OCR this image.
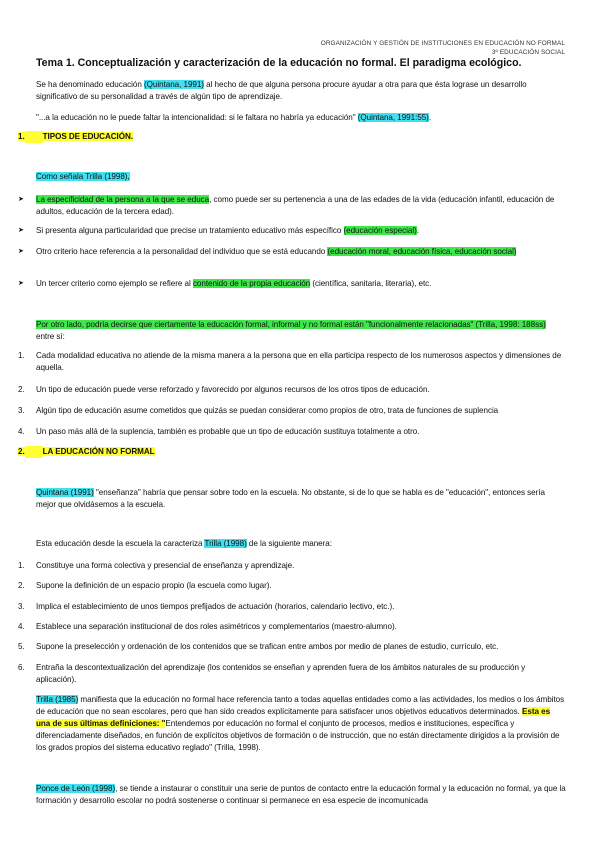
ORGANIZACIÓN Y GESTIÓN DE INSTITUCIONES EN EDUCACIÓN NO FORMAL
3º EDUCACIÓN SOCIAL
Tema 1. Conceptualización y caracterización de la educación no formal. El paradigma ecológico.
Se ha denominado educación (Quintana, 1991) al hecho de que alguna persona procure ayudar a otra para que ésta lograse un desarrollo significativo de su personalidad a través de algún tipo de aprendizaje.
"...a la educación no le puede faltar la intencionalidad: si le faltara no habría ya educación" (Quintana, 1991:55).
1. TIPOS DE EDUCACIÓN.
Como señala Trilla (1998),
➤ La especificidad de la persona a la que se educa, como puede ser su pertenencia a una de las edades de la vida (educación infantil, educación de adultos, educación de la tercera edad).
➤ Si presenta alguna particularidad que precise un tratamiento educativo más específico (educación especial).
➤ Otro criterio hace referencia a la personalidad del individuo que se está educando (educación moral, educación física, educación social)
➤ Un tercer criterio como ejemplo se refiere al contenido de la propia educación (científica, sanitaria, literaria), etc.
Por otro lado, podría decirse que ciertamente la educación formal, informal y no formal están "funcionalmente relacionadas" (Trilla, 1998: 188ss) entre sí:
1. Cada modalidad educativa no atiende de la misma manera a la persona que en ella participa respecto de los numerosos aspectos y dimensiones de aquella.
2. Un tipo de educación puede verse reforzado y favorecido por algunos recursos de los otros tipos de educación.
3. Algún tipo de educación asume cometidos que quizás se puedan considerar como propios de otro, trata de funciones de suplencia
4. Un paso más allá de la suplencia, también es probable que un tipo de educación sustituya totalmente a otro.
2. LA EDUCACIÓN NO FORMAL
Quintana (1991) "enseñanza" habría que pensar sobre todo en la escuela. No obstante, si de lo que se habla es de "educación", entonces sería mejor que olvidásemos a la escuela.
Esta educación desde la escuela la caracteriza Trilla (1998) de la siguiente manera:
1. Constituye una forma colectiva y presencial de enseñanza y aprendizaje.
2. Supone la definición de un espacio propio (la escuela como lugar).
3. Implica el establecimiento de unos tiempos prefijados de actuación (horarios, calendario lectivo, etc.).
4. Establece una separación institucional de dos roles asimétricos y complementarios (maestro-alumno).
5. Supone la preselección y ordenación de los contenidos que se trafican entre ambos por medio de planes de estudio, currículo, etc.
6. Entraña la descontextualización del aprendizaje (los contenidos se enseñan y aprenden fuera de los ámbitos naturales de su producción y aplicación).
Trilla (1985) manifiesta que la educación no formal hace referencia tanto a todas aquellas entidades como a las actividades, los medios o los ámbitos de educación que no sean escolares, pero que han sido creados explícitamente para satisfacer unos objetivos educativos determinados. Esta es una de sus últimas definiciones: "Entendemos por educación no formal el conjunto de procesos, medios e instituciones, específica y diferenciadamente diseñados, en función de explícitos objetivos de formación o de instrucción, que no están directamente dirigidos a la provisión de los grados propios del sistema educativo reglado" (Trilla, 1998).
Ponce de León (1998), se tiende a instaurar o constituir una serie de puntos de contacto entre la educación formal y la educación no formal, ya que la formación y desarrollo escolar no podrá sostenerse o continuar si permanece en esa especie de incomunicada
